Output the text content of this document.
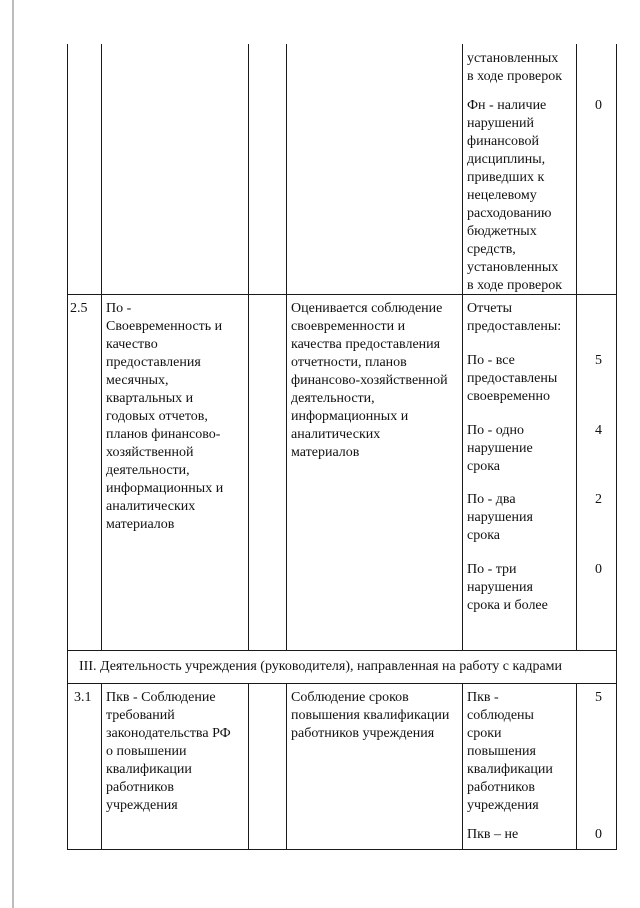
установленных
в ходе проверок
Фн - наличие
нарушений
финансовой
дисциплины,
приведших к
нецелевому
расходованию
бюджетных
средств,
установленных
в ходе проверок
0
2.5 По -
Своевременность и
качество
предоставления
месячных,
квартальных и
годовых отчетов,
планов финансово-
хозяйственной
деятельности,
информационных и
аналитических
материалов
Оценивается соблюдение
своевременности и
качества предоставления
отчетности, планов
финансово-хозяйственной
деятельности,
информационных и
аналитических
материалов
Отчеты
предоставлены:
По - все
предоставлены
своевременно
5
По - одно
нарушение
срока
4
По - два
нарушения
срока
2
По - три
нарушения
срока и более
0
III. Деятельность учреждения (руководителя), направленная на работу с кадрами
3.1 Пкв - Соблюдение
требований
законодательства РФ
о повышении
квалификации
работников
учреждения
Соблюдение сроков
повышения квалификации
работников учреждения
Пкв -
соблюдены
сроки
повышения
квалификации
работников
учреждения
5
Пкв – не	0
